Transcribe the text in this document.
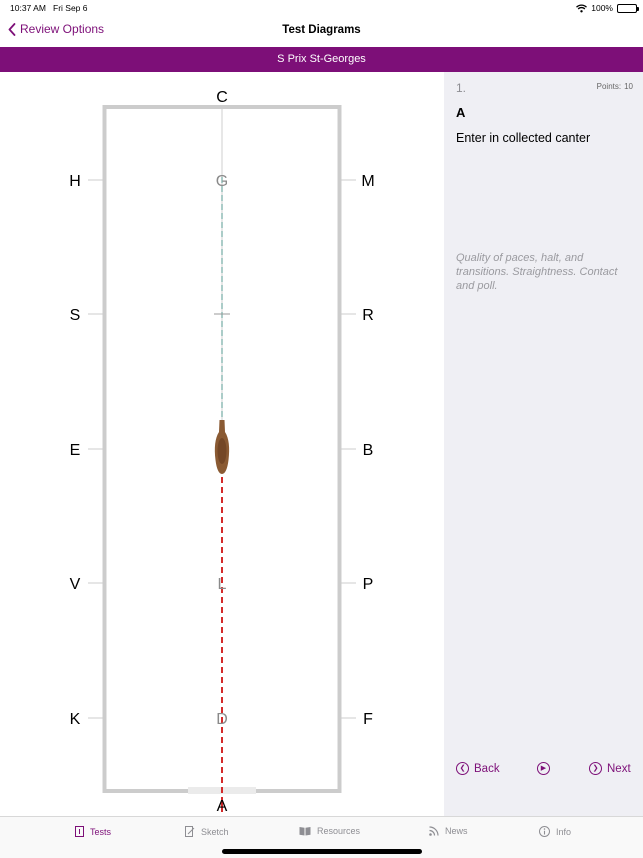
10:37 AM Fri Sep 6	100%
Review Options	Test Diagrams
S Prix St-Georges
C
A
H
S
E
V
K
M
R
B
P
F
G
L
D
1.	Points: 10
A
Enter in collected canter
Quality of paces, halt, and transitions. Straightness. Contact and poll.
❮ Back	▶	❯ Next
Tests	Sketch	Resources	News	Info
